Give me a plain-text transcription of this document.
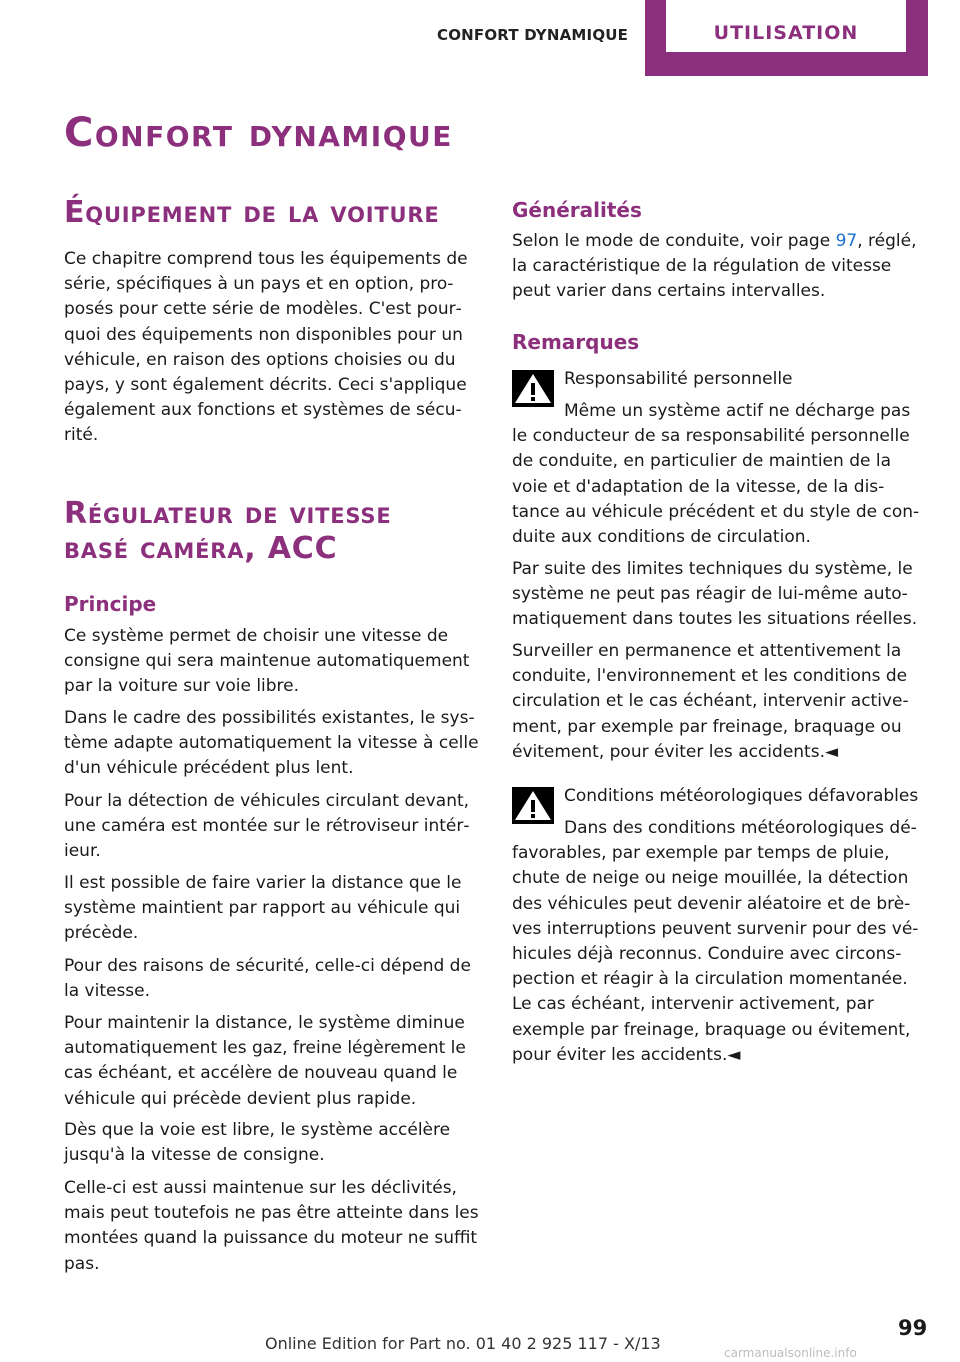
CONFORT DYNAMIQUE	UTILISATION
Confort dynamique
Équipement de la voiture

Ce chapitre comprend tous les équipements de série, spécifiques à un pays et en option, pro‐posés pour cette série de modèles. C'est pour‐quoi des équipements non disponibles pour un véhicule, en raison des options choisies ou du pays, y sont également décrits. Ceci s'applique également aux fonctions et systèmes de sécu‐rité.

Régulateur de vitesse
basé caméra, ACC
Principe

Ce système permet de choisir une vitesse de consigne qui sera maintenue automatiquement par la voiture sur voie libre.

Dans le cadre des possibilités existantes, le sys‐tème adapte automatiquement la vitesse à celle d'un véhicule précédent plus lent.

Pour la détection de véhicules circulant devant, une caméra est montée sur le rétroviseur intér‐ieur.

Il est possible de faire varier la distance que le système maintient par rapport au véhicule qui précède.

Pour des raisons de sécurité, celle-ci dépend de la vitesse.

Pour maintenir la distance, le système diminue automatiquement les gaz, freine légèrement le cas échéant, et accélère de nouveau quand le véhicule qui précède devient plus rapide.

Dès que la voie est libre, le système accélère jusqu'à la vitesse de consigne.

Celle-ci est aussi maintenue sur les déclivités, mais peut toutefois ne pas être atteinte dans les montées quand la puissance du moteur ne suffit pas.

Généralités

Selon le mode de conduite, voir page 97, réglé, la caractéristique de la régulation de vitesse peut varier dans certains intervalles.

Remarques
Responsabilité personnelle

Même un système actif ne décharge pas le conducteur de sa responsabilité personnelle de conduite, en particulier de maintien de la voie et d'adaptation de la vitesse, de la dis‐tance au véhicule précédent et du style de con‐duite aux conditions de circulation.

Par suite des limites techniques du système, le système ne peut pas réagir de lui-même auto‐matiquement dans toutes les situations réelles.

Surveiller en permanence et attentivement la conduite, l'environnement et les conditions de circulation et le cas échéant, intervenir active‐ment, par exemple par freinage, braquage ou évitement, pour éviter les accidents.◄

Conditions météorologiques défavorables

Dans des conditions météorologiques dé‐favorables, par exemple par temps de pluie, chute de neige ou neige mouillée, la détection des véhicules peut devenir aléatoire et de brè‐ves interruptions peuvent survenir pour des vé‐hicules déjà reconnus. Conduire avec circons‐pection et réagir à la circulation momentanée. Le cas échéant, intervenir activement, par exemple par freinage, braquage ou évitement, pour éviter les accidents.◄

99
Online Edition for Part no. 01 40 2 925 117 - X/13	carmanualsonline.info
